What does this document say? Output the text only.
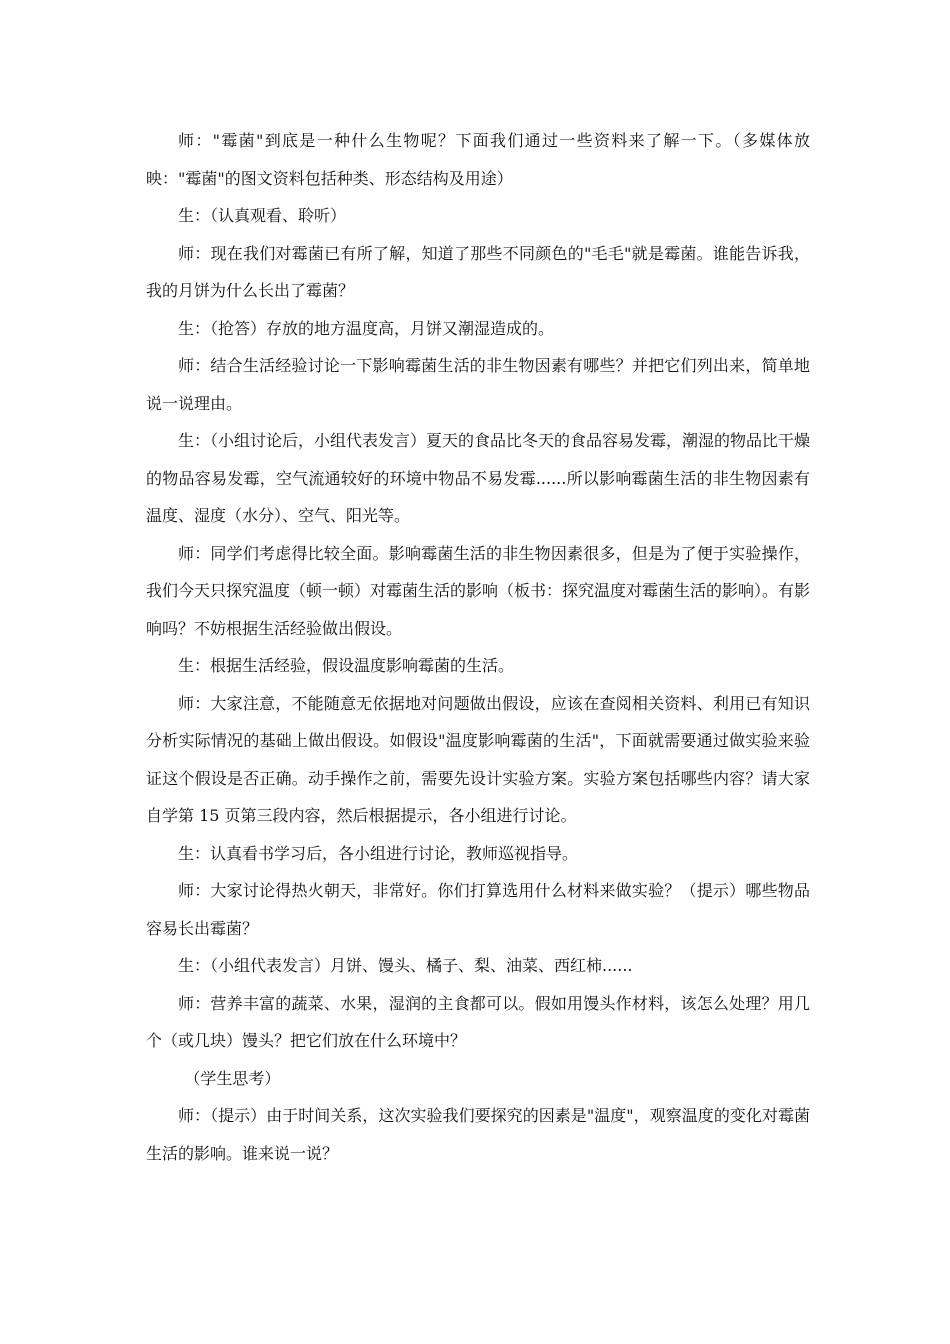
师："霉菌"到底是一种什么生物呢？下面我们通过一些资料来了解一下。（多媒体放映："霉菌"的图文资料包括种类、形态结构及用途）

生：（认真观看、聆听）

师：现在我们对霉菌已有所了解，知道了那些不同颜色的"毛毛"就是霉菌。谁能告诉我，我的月饼为什么长出了霉菌？

生：（抢答）存放的地方温度高，月饼又潮湿造成的。

师：结合生活经验讨论一下影响霉菌生活的非生物因素有哪些？并把它们列出来，简单地说一说理由。

生：（小组讨论后，小组代表发言）夏天的食品比冬天的食品容易发霉，潮湿的物品比干燥的物品容易发霉，空气流通较好的环境中物品不易发霉......所以影响霉菌生活的非生物因素有温度、湿度（水分）、空气、阳光等。

师：同学们考虑得比较全面。影响霉菌生活的非生物因素很多，但是为了便于实验操作，我们今天只探究温度（顿一顿）对霉菌生活的影响（板书：探究温度对霉菌生活的影响）。有影响吗？不妨根据生活经验做出假设。

生：根据生活经验，假设温度影响霉菌的生活。

师：大家注意，不能随意无依据地对问题做出假设，应该在查阅相关资料、利用已有知识分析实际情况的基础上做出假设。如假设"温度影响霉菌的生活"，下面就需要通过做实验来验证这个假设是否正确。动手操作之前，需要先设计实验方案。实验方案包括哪些内容？请大家自学第 15 页第三段内容，然后根据提示，各小组进行讨论。

生：认真看书学习后，各小组进行讨论，教师巡视指导。

师：大家讨论得热火朝天，非常好。你们打算选用什么材料来做实验？（提示）哪些物品容易长出霉菌？

生：（小组代表发言）月饼、馒头、橘子、梨、油菜、西红柿......

师：营养丰富的蔬菜、水果，湿润的主食都可以。假如用馒头作材料，该怎么处理？用几个（或几块）馒头？把它们放在什么环境中？

（学生思考）

师：（提示）由于时间关系，这次实验我们要探究的因素是"温度"，观察温度的变化对霉菌生活的影响。谁来说一说？
